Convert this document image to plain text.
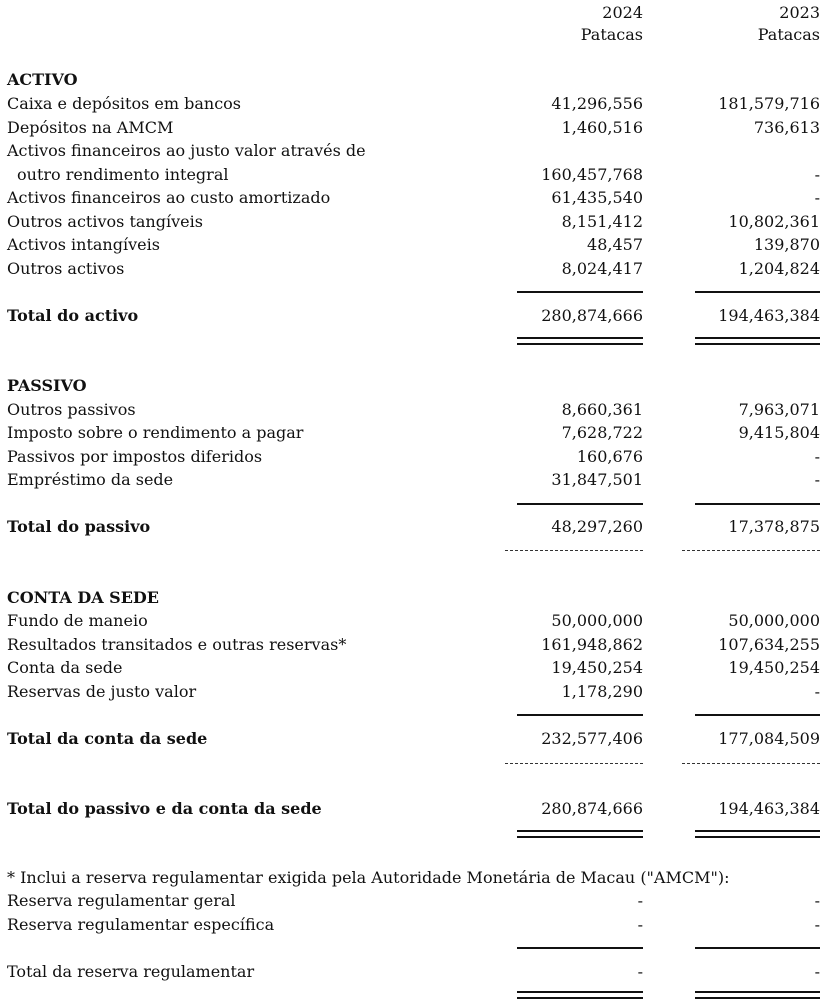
2024	2023
Patacas	Patacas
ACTIVO
Caixa e depósitos em bancos	41,296,556	181,579,716
Depósitos na AMCM	1,460,516	736,613
Activos financeiros ao justo valor através de
outro rendimento integral	160,457,768	-
Activos financeiros ao custo amortizado	61,435,540	-
Outros activos tangíveis	8,151,412	10,802,361
Activos intangíveis	48,457	139,870
Outros activos	8,024,417	1,204,824
Total do activo	280,874,666	194,463,384
PASSIVO
Outros passivos	8,660,361	7,963,071
Imposto sobre o rendimento a pagar	7,628,722	9,415,804
Passivos por impostos diferidos	160,676	-
Empréstimo da sede	31,847,501	-
Total do passivo	48,297,260	17,378,875
CONTA DA SEDE
Fundo de maneio	50,000,000	50,000,000
Resultados transitados e outras reservas*	161,948,862	107,634,255
Conta da sede	19,450,254	19,450,254
Reservas de justo valor	1,178,290	-
Total da conta da sede	232,577,406	177,084,509
Total do passivo e da conta da sede	280,874,666	194,463,384
* Inclui a reserva regulamentar exigida pela Autoridade Monetária de Macau ("AMCM"):
Reserva regulamentar geral	-	-
Reserva regulamentar específica	-	-
Total da reserva regulamentar	-	-
